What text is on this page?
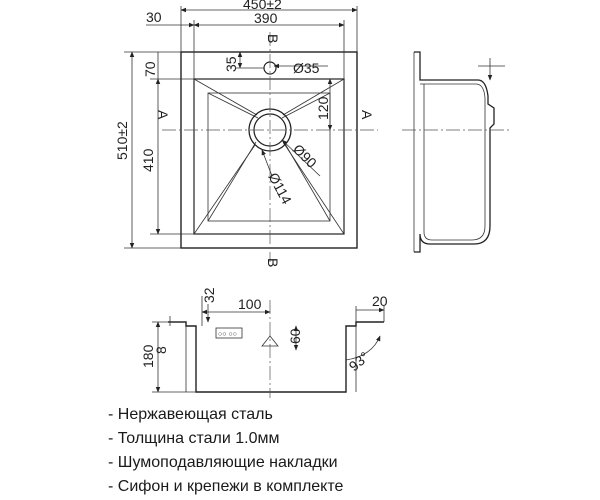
A	A
B
B
450±2
390
30
510±2
410
70	35	Ø35
120
Ø90
Ø114
○○ ○○
32
100
180
8
60
20
93°
- Нержавеющая сталь
- Толщина стали 1.0мм
- Шумоподавляющие накладки
- Сифон и крепежи в комплекте
